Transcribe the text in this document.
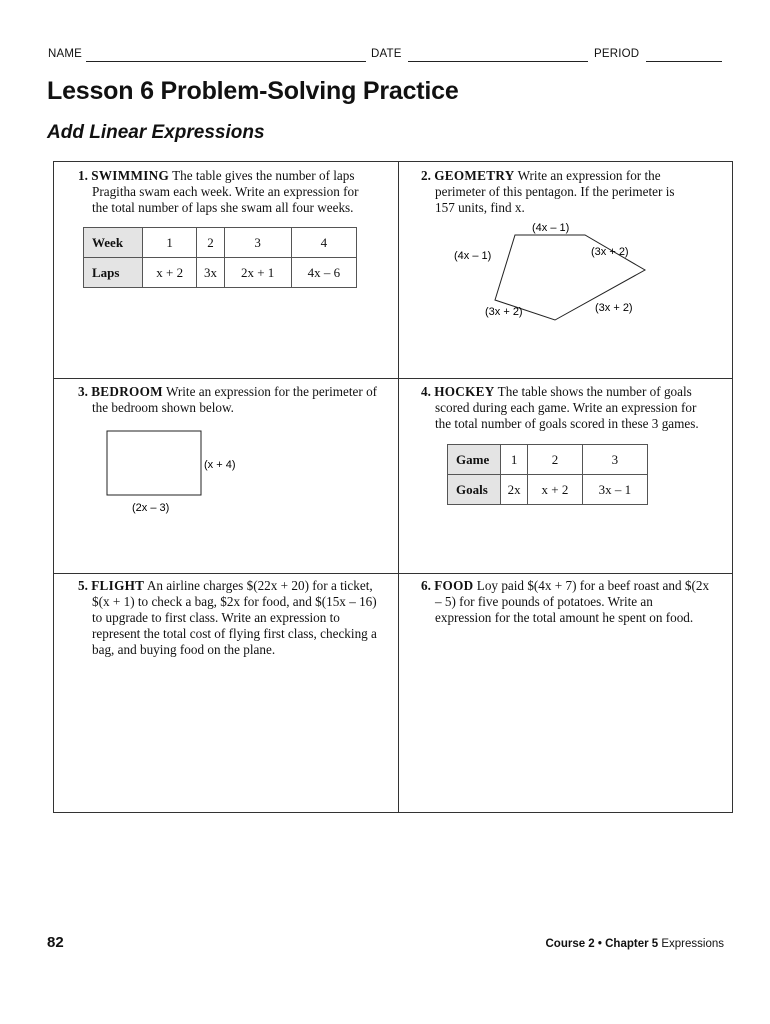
NAME	DATE	PERIOD
Lesson 6 Problem-Solving Practice
Add Linear Expressions
1. SWIMMING The table gives the number of laps
Pragitha swam each week. Write an expression for
the total number of laps she swam all four weeks.
Week	1	2	3	4
Laps	x + 2	3x	2x + 1	4x – 6
2. GEOMETRY Write an expression for the
perimeter of this pentagon. If the perimeter is
157 units, find x.
(4x – 1)
(4x – 1)	(3x + 2)
(3x + 2)	(3x + 2)
3. BEDROOM Write an expression for the perimeter of
the bedroom shown below.
(x + 4)
(2x – 3)
4. HOCKEY The table shows the number of goals
scored during each game. Write an expression for
the total number of goals scored in these 3 games.
Game	1	2	3
Goals	2x	x + 2	3x – 1
5. FLIGHT An airline charges $(22x + 20) for a ticket,
$(x + 1) to check a bag, $2x for food, and $(15x – 16)
to upgrade to first class. Write an expression to
represent the total cost of flying first class, checking a
bag, and buying food on the plane.
6. FOOD Loy paid $(4x + 7) for a beef roast and $(2x
– 5) for five pounds of potatoes. Write an
expression for the total amount he spent on food.
82	Course 2 • Chapter 5 Expressions
